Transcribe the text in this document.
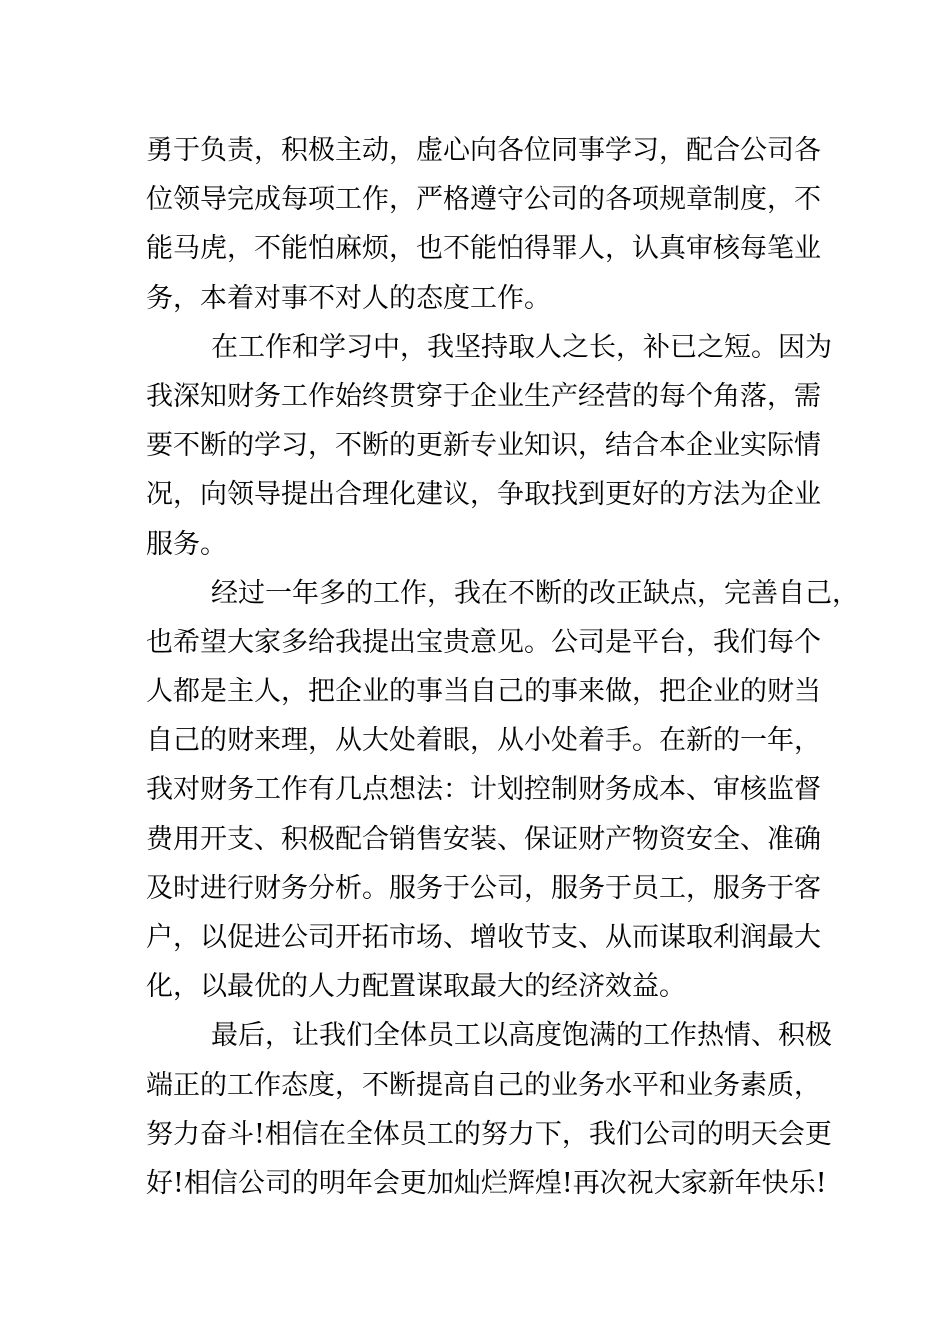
勇于负责，积极主动，虚心向各位同事学习，配合公司各
位领导完成每项工作，严格遵守公司的各项规章制度，不
能马虎，不能怕麻烦，也不能怕得罪人，认真审核每笔业
务，本着对事不对人的态度工作。
在工作和学习中，我坚持取人之长，补已之短。因为
我深知财务工作始终贯穿于企业生产经营的每个角落，需
要不断的学习，不断的更新专业知识，结合本企业实际情
况，向领导提出合理化建议，争取找到更好的方法为企业
服务。
经过一年多的工作，我在不断的改正缺点，完善自己，
也希望大家多给我提出宝贵意见。公司是平台，我们每个
人都是主人，把企业的事当自己的事来做，把企业的财当
自己的财来理，从大处着眼，从小处着手。在新的一年，
我对财务工作有几点想法：计划控制财务成本、审核监督
费用开支、积极配合销售安装、保证财产物资安全、准确
及时进行财务分析。服务于公司，服务于员工，服务于客
户，以促进公司开拓市场、增收节支、从而谋取利润最大
化，以最优的人力配置谋取最大的经济效益。
最后，让我们全体员工以高度饱满的工作热情、积极
端正的工作态度，不断提高自己的业务水平和业务素质，
努力奋斗!相信在全体员工的努力下，我们公司的明天会更
好!相信公司的明年会更加灿烂辉煌!再次祝大家新年快乐!
